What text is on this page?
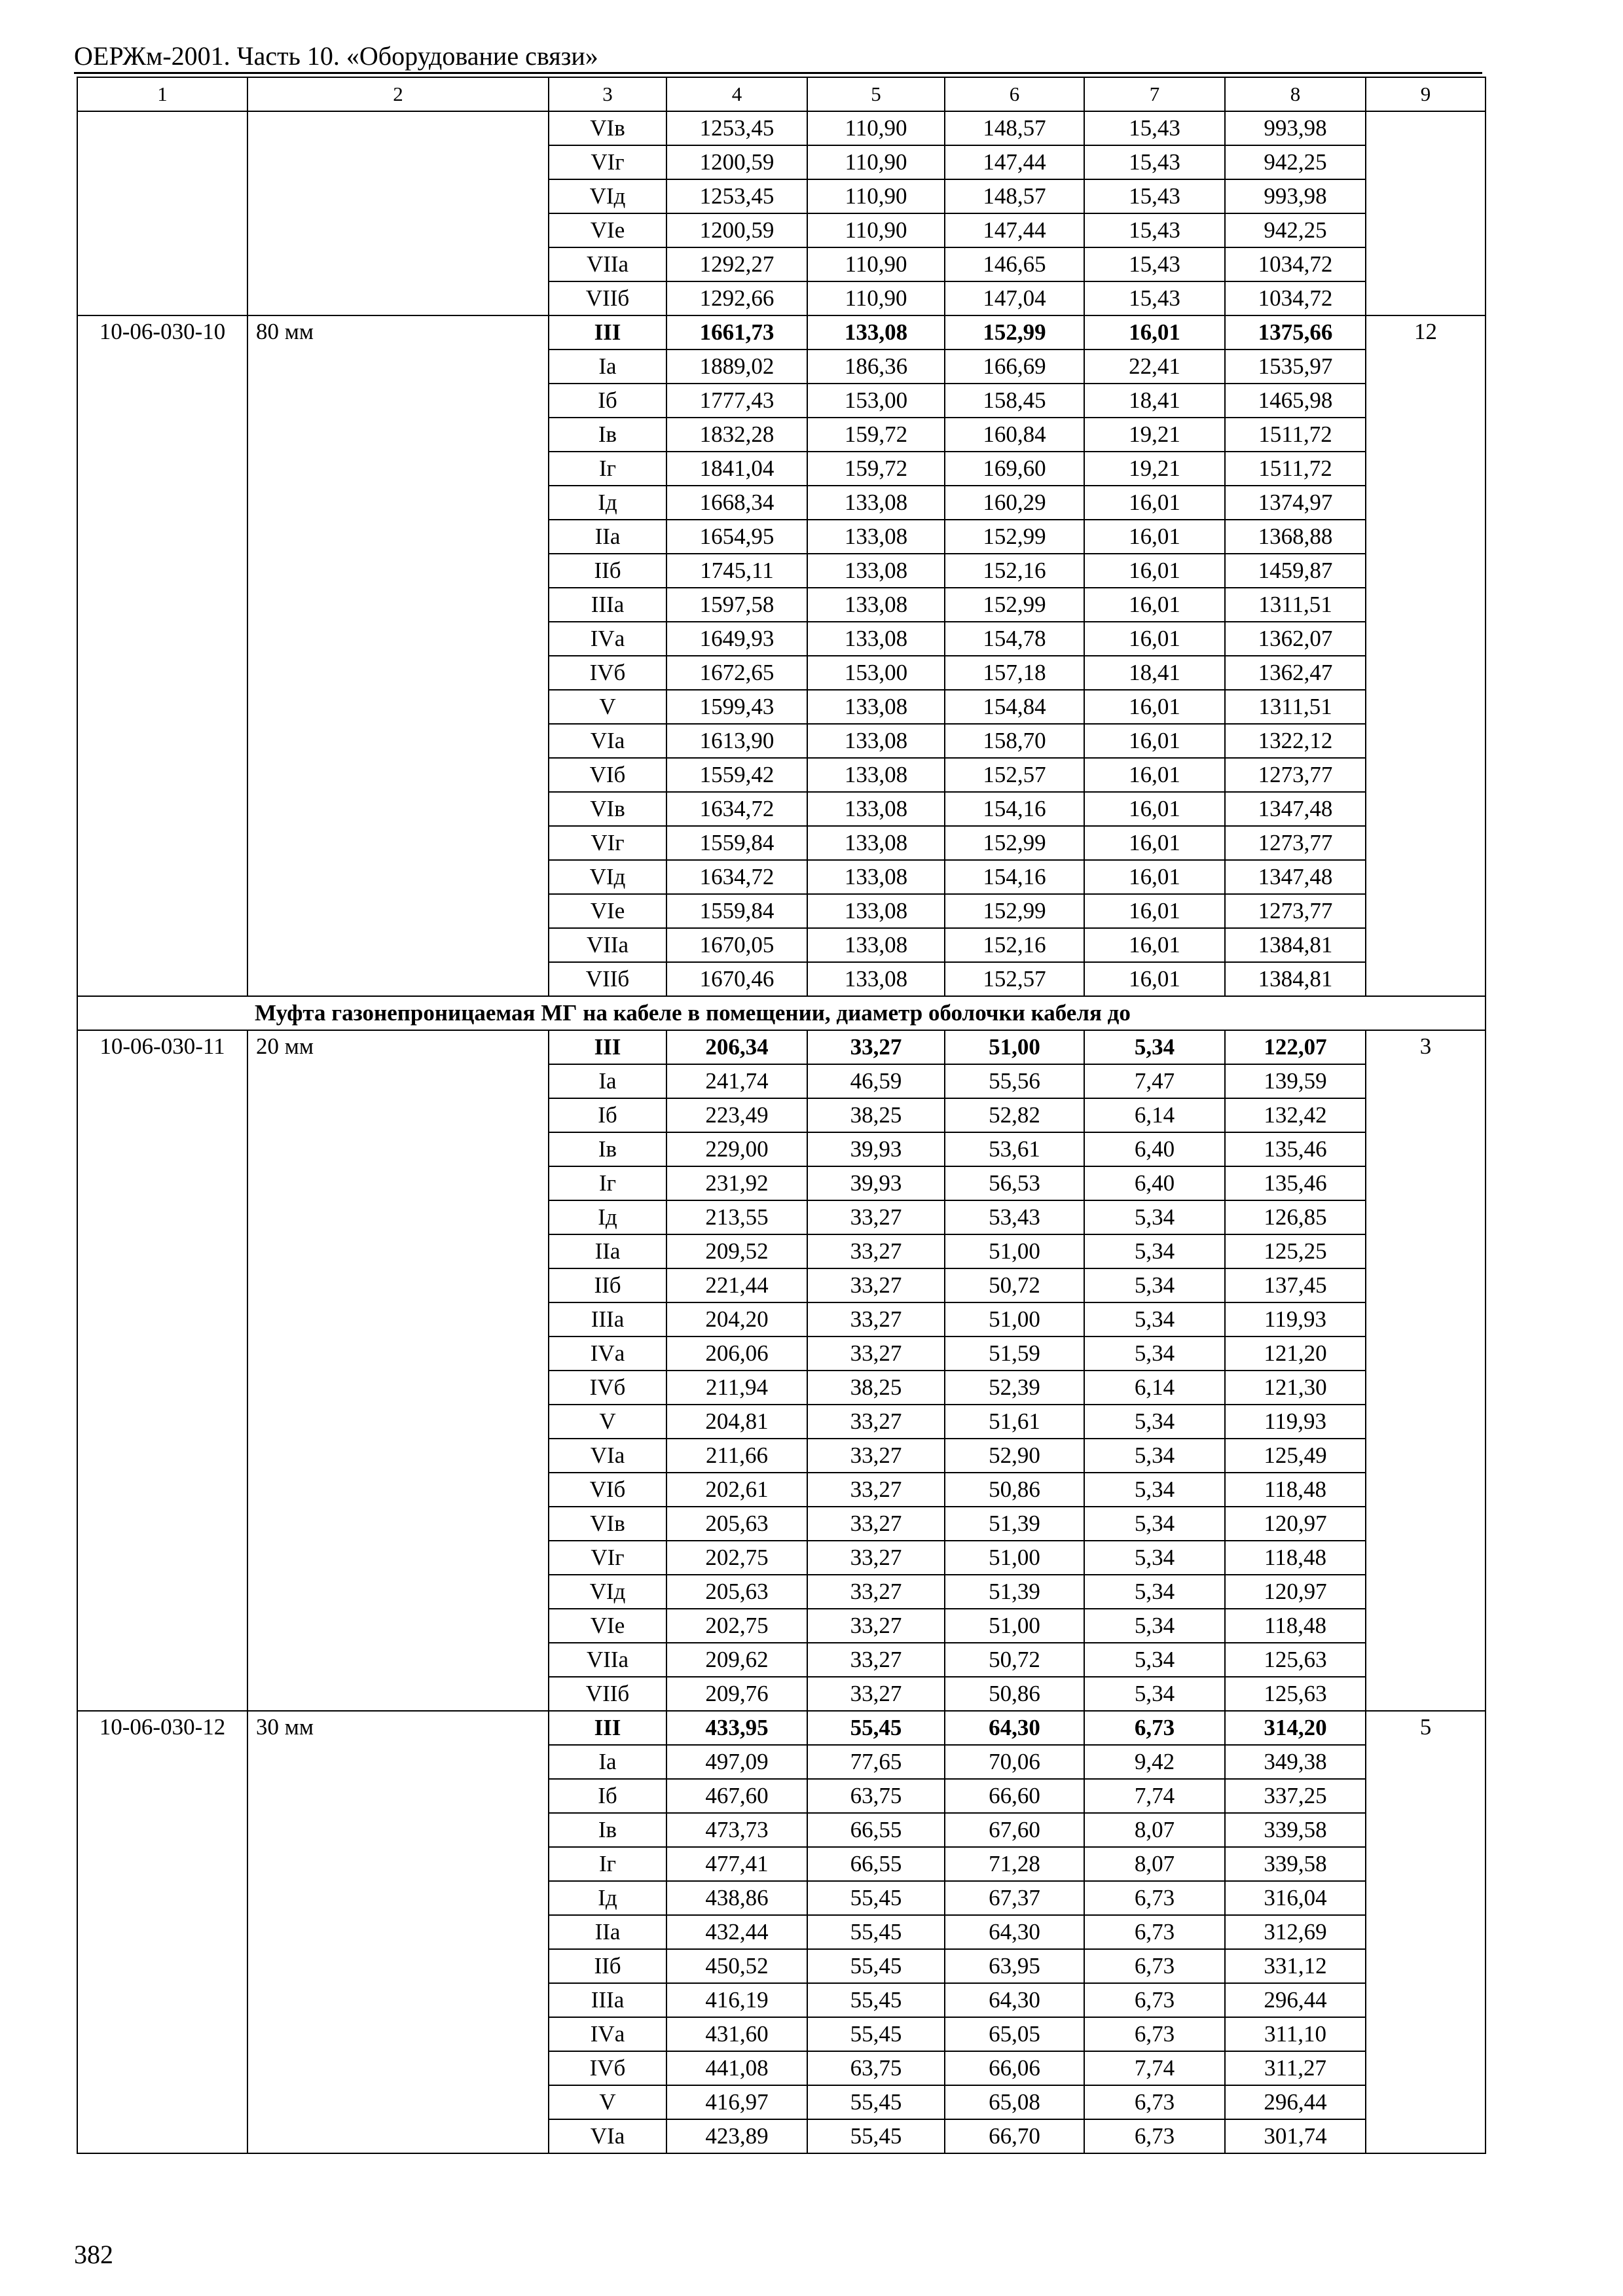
ОЕРЖм-2001. Часть 10. «Оборудование связи»
1	2	3	4	5	6	7	8	9
		VIв	1253,45	110,90	148,57	15,43	993,98	
		VIг	1200,59	110,90	147,44	15,43	942,25	
		VIд	1253,45	110,90	148,57	15,43	993,98	
		VIе	1200,59	110,90	147,44	15,43	942,25	
		VIIа	1292,27	110,90	146,65	15,43	1034,72	
		VIIб	1292,66	110,90	147,04	15,43	1034,72	
10-06-030-10	80 мм	III	1661,73	133,08	152,99	16,01	1375,66	12
		Iа	1889,02	186,36	166,69	22,41	1535,97	
		Iб	1777,43	153,00	158,45	18,41	1465,98	
		Iв	1832,28	159,72	160,84	19,21	1511,72	
		Iг	1841,04	159,72	169,60	19,21	1511,72	
		Iд	1668,34	133,08	160,29	16,01	1374,97	
		IIа	1654,95	133,08	152,99	16,01	1368,88	
		IIб	1745,11	133,08	152,16	16,01	1459,87	
		IIIа	1597,58	133,08	152,99	16,01	1311,51	
		IVа	1649,93	133,08	154,78	16,01	1362,07	
		IVб	1672,65	153,00	157,18	18,41	1362,47	
		V	1599,43	133,08	154,84	16,01	1311,51	
		VIа	1613,90	133,08	158,70	16,01	1322,12	
		VIб	1559,42	133,08	152,57	16,01	1273,77	
		VIв	1634,72	133,08	154,16	16,01	1347,48	
		VIг	1559,84	133,08	152,99	16,01	1273,77	
		VIд	1634,72	133,08	154,16	16,01	1347,48	
		VIе	1559,84	133,08	152,99	16,01	1273,77	
		VIIа	1670,05	133,08	152,16	16,01	1384,81	
		VIIб	1670,46	133,08	152,57	16,01	1384,81	
Муфта газонепроницаемая МГ на кабеле в помещении, диаметр оболочки кабеля до								
10-06-030-11	20 мм	III	206,34	33,27	51,00	5,34	122,07	3
		Iа	241,74	46,59	55,56	7,47	139,59	
		Iб	223,49	38,25	52,82	6,14	132,42	
		Iв	229,00	39,93	53,61	6,40	135,46	
		Iг	231,92	39,93	56,53	6,40	135,46	
		Iд	213,55	33,27	53,43	5,34	126,85	
		IIа	209,52	33,27	51,00	5,34	125,25	
		IIб	221,44	33,27	50,72	5,34	137,45	
		IIIа	204,20	33,27	51,00	5,34	119,93	
		IVа	206,06	33,27	51,59	5,34	121,20	
		IVб	211,94	38,25	52,39	6,14	121,30	
		V	204,81	33,27	51,61	5,34	119,93	
		VIа	211,66	33,27	52,90	5,34	125,49	
		VIб	202,61	33,27	50,86	5,34	118,48	
		VIв	205,63	33,27	51,39	5,34	120,97	
		VIг	202,75	33,27	51,00	5,34	118,48	
		VIд	205,63	33,27	51,39	5,34	120,97	
		VIе	202,75	33,27	51,00	5,34	118,48	
		VIIа	209,62	33,27	50,72	5,34	125,63	
		VIIб	209,76	33,27	50,86	5,34	125,63	
10-06-030-12	30 мм	III	433,95	55,45	64,30	6,73	314,20	5
		Iа	497,09	77,65	70,06	9,42	349,38	
		Iб	467,60	63,75	66,60	7,74	337,25	
		Iв	473,73	66,55	67,60	8,07	339,58	
		Iг	477,41	66,55	71,28	8,07	339,58	
		Iд	438,86	55,45	67,37	6,73	316,04	
		IIа	432,44	55,45	64,30	6,73	312,69	
		IIб	450,52	55,45	63,95	6,73	331,12	
		IIIа	416,19	55,45	64,30	6,73	296,44	
		IVа	431,60	55,45	65,05	6,73	311,10	
		IVб	441,08	63,75	66,06	7,74	311,27	
		V	416,97	55,45	65,08	6,73	296,44	
		VIа	423,89	55,45	66,70	6,73	301,74	
382
